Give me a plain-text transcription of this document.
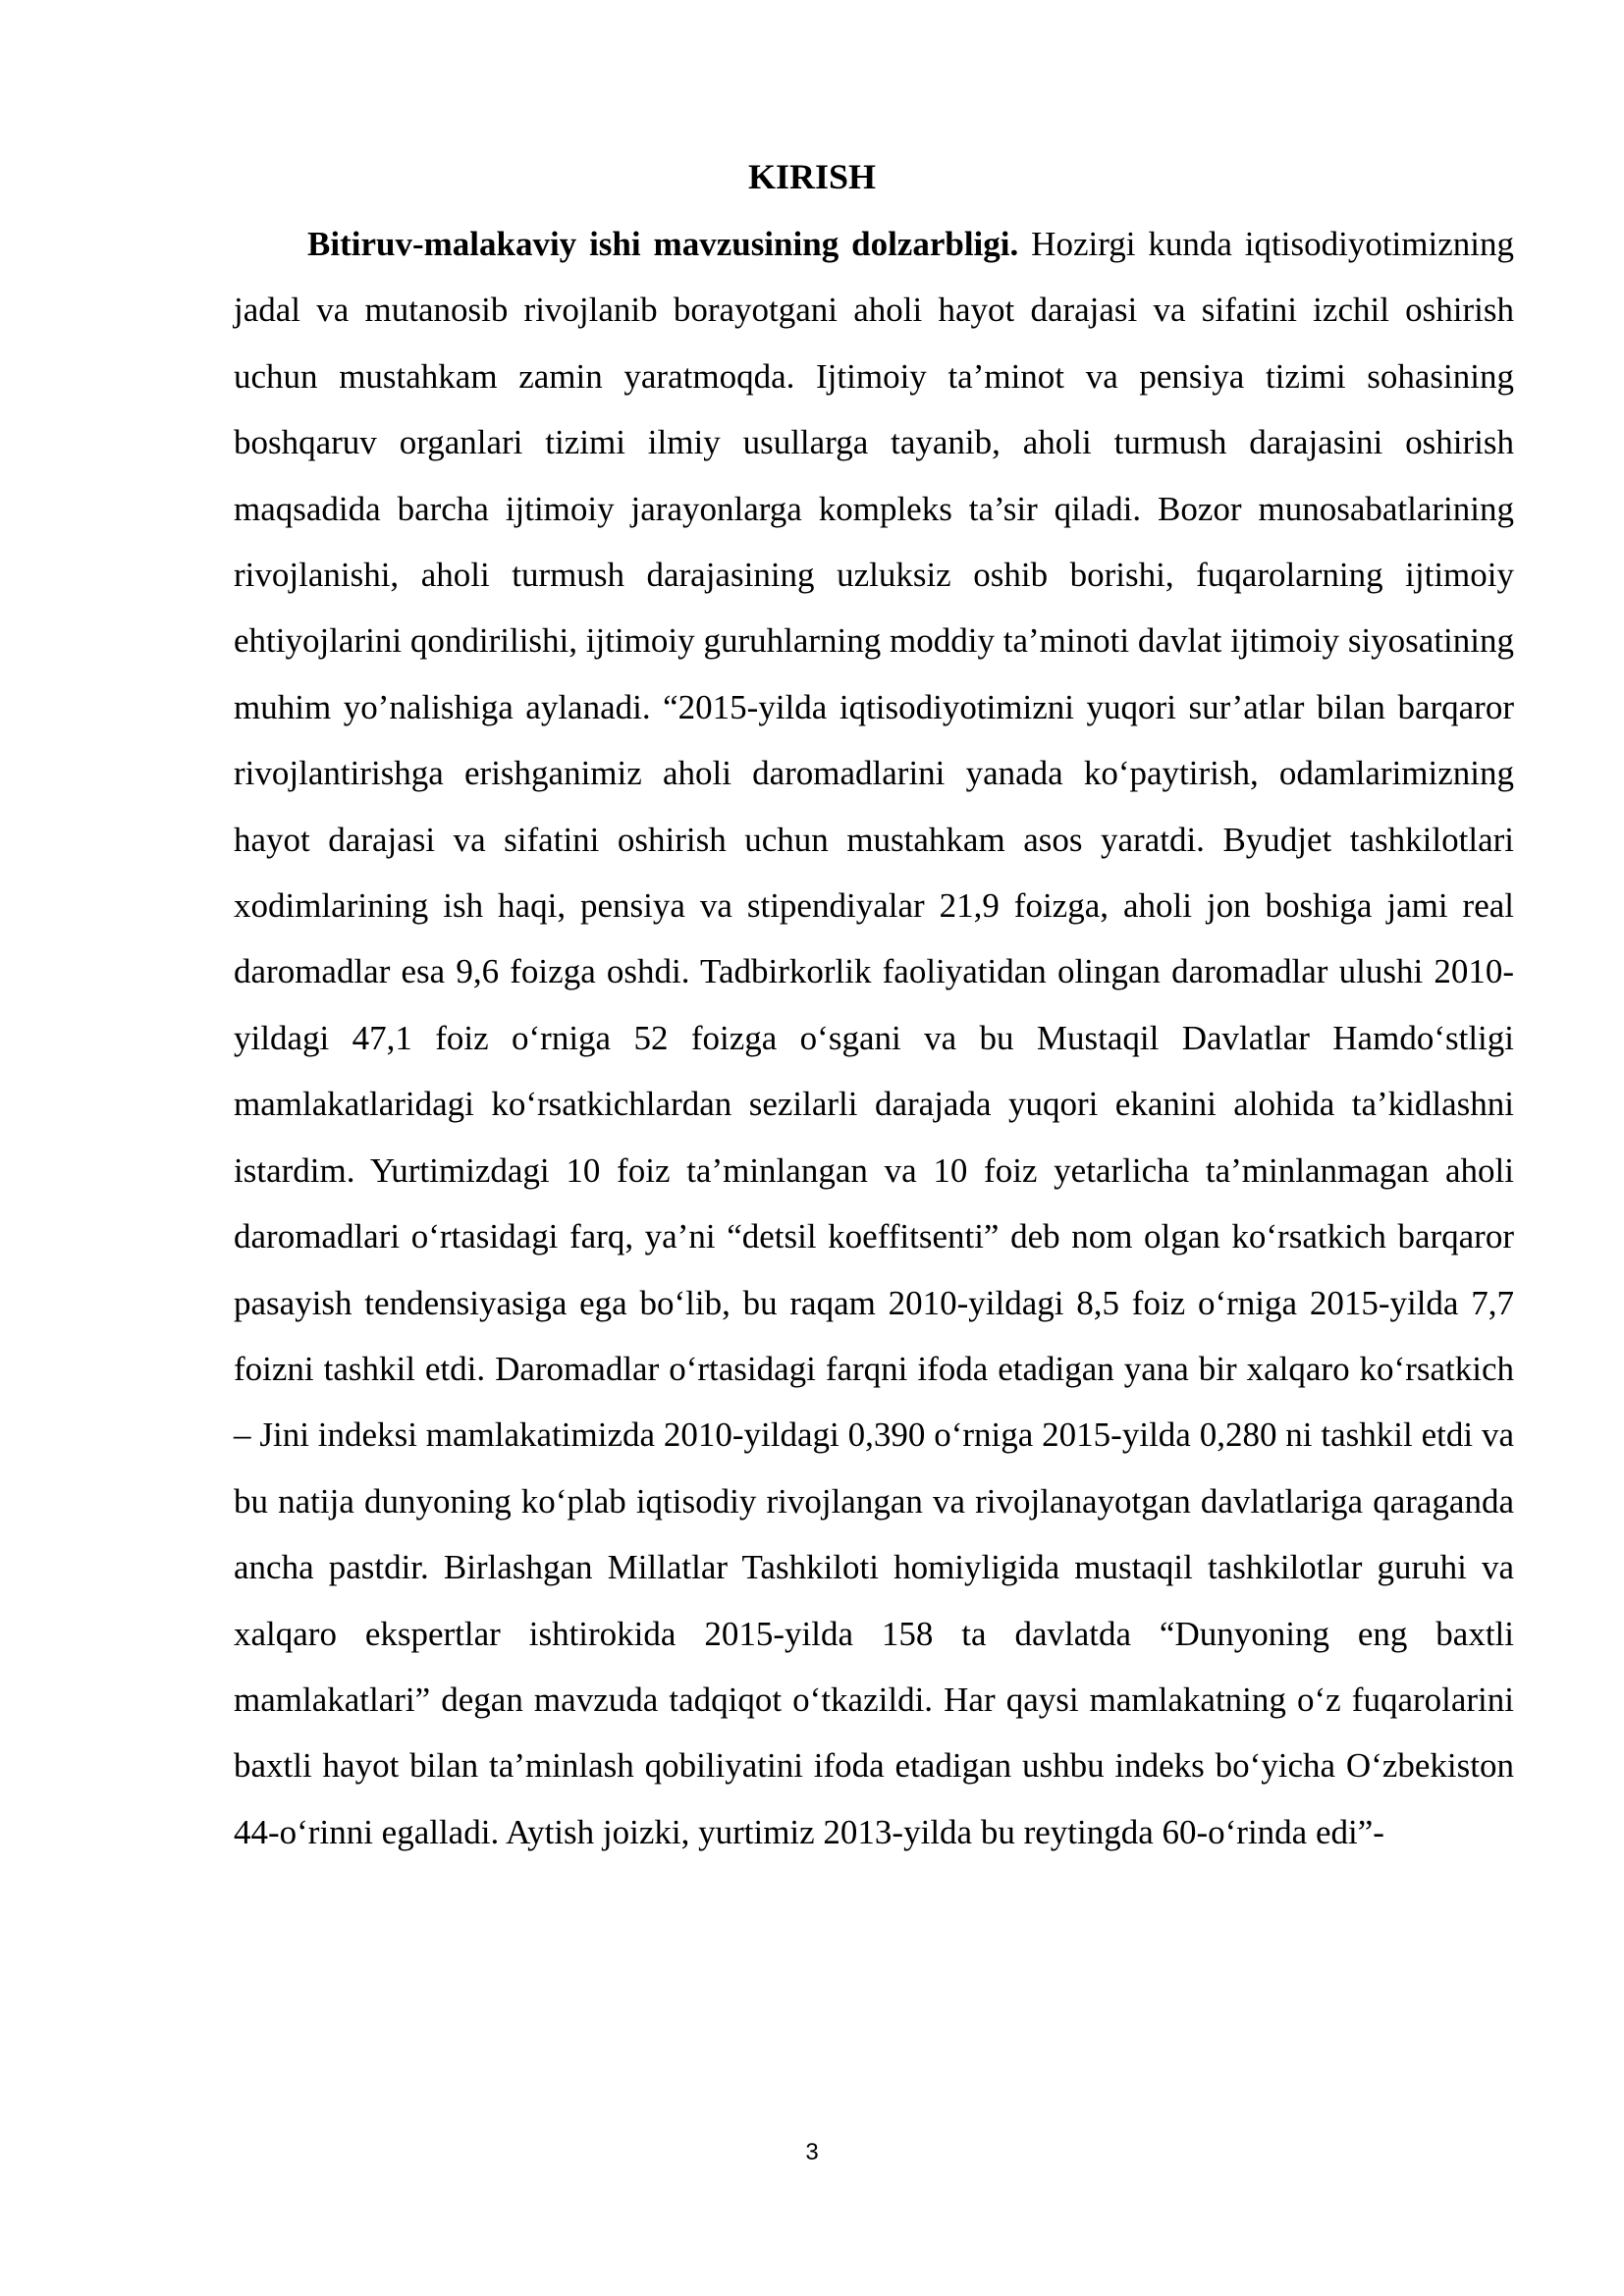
KIRISH

Bitiruv-malakaviy ishi mavzusining dolzarbligi. Hozirgi kunda iqtisodiyotimizning jadal va mutanosib rivojlanib borayotgani aholi hayot darajasi va sifatini izchil oshirish uchun mustahkam zamin yaratmoqda. Ijtimoiy ta’minot va pensiya tizimi sohasining boshqaruv organlari tizimi ilmiy usullarga tayanib, aholi turmush darajasini oshirish maqsadida barcha ijtimoiy jarayonlarga kompleks ta’sir qiladi. Bozor munosabatlarining rivojlanishi, aholi turmush darajasining uzluksiz oshib borishi, fuqarolarning ijtimoiy ehtiyojlarini qondirilishi, ijtimoiy guruhlarning moddiy ta’minoti davlat ijtimoiy siyosatining muhim yo’nalishiga aylanadi. “2015-yilda iqtisodiyotimizni yuqori sur’atlar bilan barqaror rivojlantirishga erishganimiz aholi daromadlarini yanada ko‘paytirish, odamlarimizning hayot darajasi va sifatini oshirish uchun mustahkam asos yaratdi. Byudjet tashkilotlari xodimlarining ish haqi, pensiya va stipendiyalar 21,9 foizga, aholi jon boshiga jami real daromadlar esa 9,6 foizga oshdi. Tadbirkorlik faoliyatidan olingan daromadlar ulushi 2010-yildagi 47,1 foiz o‘rniga 52 foizga o‘sgani va bu Mustaqil Davlatlar Hamdo‘stligi mamlakatlaridagi ko‘rsatkichlardan sezilarli darajada yuqori ekanini alohida ta’kidlashni istardim. Yurtimizdagi 10 foiz ta’minlangan va 10 foiz yetarlicha ta’minlanmagan aholi daromadlari o‘rtasidagi farq, ya’ni “detsil koeffitsenti” deb nom olgan ko‘rsatkich barqaror pasayish tendensiyasiga ega bo‘lib, bu raqam 2010-yildagi 8,5 foiz o‘rniga 2015-yilda 7,7 foizni tashkil etdi. Daromadlar o‘rtasidagi farqni ifoda etadigan yana bir xalqaro ko‘rsatkich – Jini indeksi mamlakatimizda 2010-yildagi 0,390 o‘rniga 2015-yilda 0,280 ni tashkil etdi va bu natija dunyoning ko‘plab iqtisodiy rivojlangan va rivojlanayotgan davlatlariga qaraganda ancha pastdir. Birlashgan Millatlar Tashkiloti homiyligida mustaqil tashkilotlar guruhi va xalqaro ekspertlar ishtirokida 2015-yilda 158 ta davlatda “Dunyoning eng baxtli mamlakatlari” degan mavzuda tadqiqot o‘tkazildi. Har qaysi mamlakatning o‘z fuqarolarini baxtli hayot bilan ta’minlash qobiliyatini ifoda etadigan ushbu indeks bo‘yicha O‘zbekiston 44-o‘rinni egalladi. Aytish joizki, yurtimiz 2013-yilda bu reytingda 60-o‘rinda edi”-

3
